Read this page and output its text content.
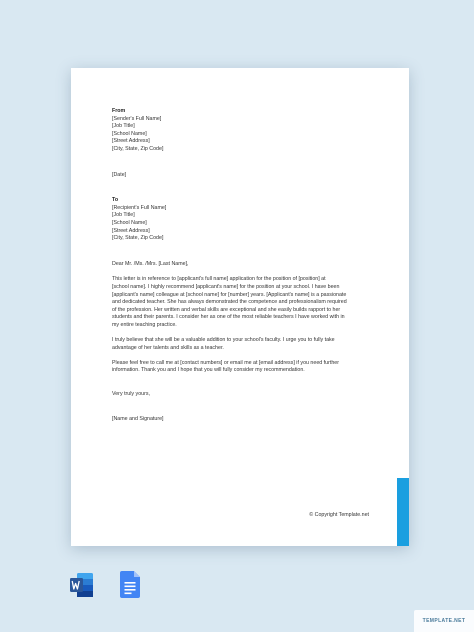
From
[Sender's Full Name]
[Job Title]
[School Name]
[Street Address]
[City, State, Zip Code]
[Date]
To
[Recipient's Full Name]
[Job Title]
[School Name]
[Street Address]
[City, State, Zip Code]
Dear Mr. /Ms. /Mrs. [Last Name],
This letter is in reference to [applicant's full name] application for the position of [position] at
[school name]. I highly recommend [applicant's name] for the position at your school. I have been
[applicant's name] colleague at [school name] for [number] years. [Applicant's name] is a passionate
and dedicated teacher. She has always demonstrated the competence and professionalism required
of the profession. Her written and verbal skills are exceptional and she easily builds rapport to her
students and their parents. I consider her as one of the most reliable teachers I have worked with in
my entire teaching practice.
I truly believe that she will be a valuable addition to your school's faculty. I urge you to fully take
advantage of her talents and skills as a teacher.
Please feel free to call me at [contact numbers] or email me at [email address] if you need further
information. Thank you and I hope that you will fully consider my recommendation.
Very truly yours,
[Name and Signature]
© Copyright Template.net
TEMPLATE.NET
